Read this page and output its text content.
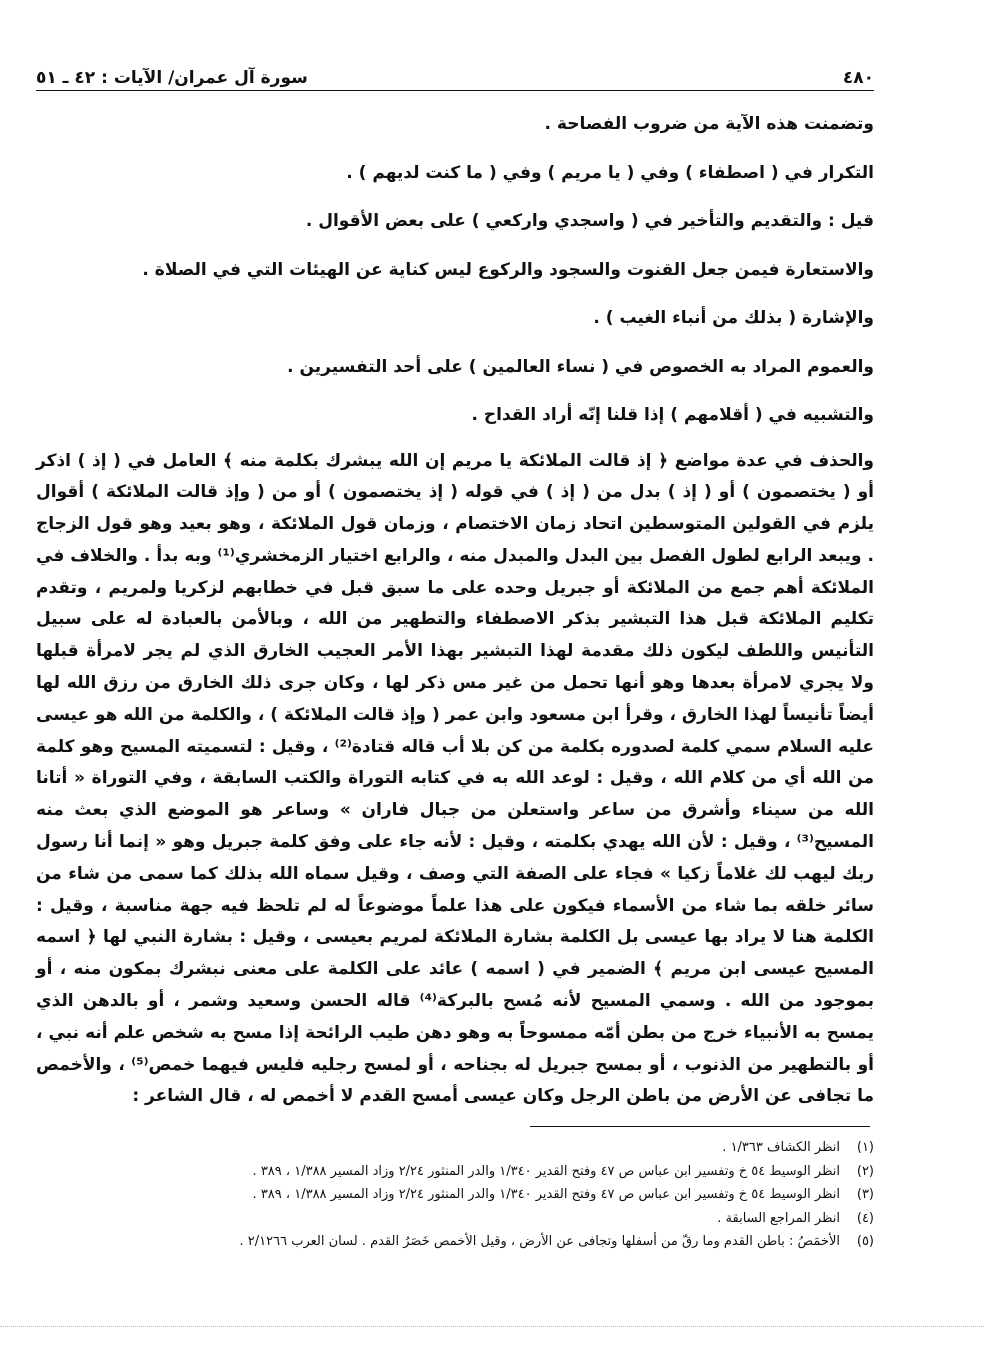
٤٨٠
سورة آل عمران/ الآيات : ٤٢ ـ ٥١
وتضمنت هذه الآية من ضروب الفصاحة .
التكرار في ( اصطفاء ) وفي ( يا مريم ) وفي ( ما كنت لديهم ) .
قيل : والتقديم والتأخير في ( واسجدي واركعي ) على بعض الأقوال .
والاستعارة فيمن جعل القنوت والسجود والركوع ليس كناية عن الهيئات التي في الصلاة .
والإشارة ( بذلك من أنباء الغيب ) .
والعموم المراد به الخصوص في ( نساء العالمين ) على أحد التفسيرين .
والتشبيه في ( أقلامهم ) إذا قلنا إنّه أراد القداح .
والحذف في عدة مواضع ﴿ إذ قالت الملائكة يا مريم إن الله يبشرك بكلمة منه ﴾ العامل في ( إذ ) اذكر أو ( يختصمون ) أو ( إذ ) بدل من ( إذ ) في قوله ( إذ يختصمون ) أو من ( وإذ قالت الملائكة ) أقوال يلزم في القولين المتوسطين اتحاد زمان الاختصام ، وزمان قول الملائكة ، وهو بعيد وهو قول الزجاج . ويبعد الرابع لطول الفصل بين البدل والمبدل منه ، والرابع اختيار الزمخشري⁽¹⁾ وبه بدأ . والخلاف في الملائكة أهم جمع من الملائكة أو جبريل وحده على ما سبق قبل في خطابهم لزكريا ولمريم ، وتقدم تكليم الملائكة قبل هذا التبشير بذكر الاصطفاء والتطهير من الله ، وبالأمن بالعبادة له على سبيل التأنيس واللطف ليكون ذلك مقدمة لهذا التبشير بهذا الأمر العجيب الخارق الذي لم يجر لامرأة قبلها ولا يجري لامرأة بعدها وهو أنها تحمل من غير مس ذكر لها ، وكان جرى ذلك الخارق من رزق الله لها أيضاً تأنيساً لهذا الخارق ، وقرأ ابن مسعود وابن عمر ( وإذ قالت الملائكة ) ، والكلمة من الله هو عيسى عليه السلام سمي كلمة لصدوره بكلمة من كن بلا أب قاله قتادة⁽²⁾ ، وقيل : لتسميته المسيح وهو كلمة من الله أي من كلام الله ، وقيل : لوعد الله به في كتابه التوراة والكتب السابقة ، وفي التوراة « أتانا الله من سيناء وأشرق من ساعر واستعلن من جبال فاران » وساعر هو الموضع الذي بعث منه المسيح⁽³⁾ ، وقيل : لأن الله يهدي بكلمته ، وقيل : لأنه جاء على وفق كلمة جبريل وهو « إنما أنا رسول ربك ليهب لك غلاماً زكيا » فجاء على الصفة التي وصف ، وقيل سماه الله بذلك كما سمى من شاء من سائر خلقه بما شاء من الأسماء فيكون على هذا علماً موضوعاً له لم تلحظ فيه جهة مناسبة ، وقيل : الكلمة هنا لا يراد بها عيسى بل الكلمة بشارة الملائكة لمريم بعيسى ، وقيل : بشارة النبي لها ﴿ اسمه المسيح عيسى ابن مريم ﴾ الضمير في ( اسمه ) عائد على الكلمة على معنى نبشرك بمكون منه ، أو بموجود من الله . وسمي المسيح لأنه مُسح بالبركة⁽⁴⁾ قاله الحسن وسعيد وشمر ، أو بالدهن الذي يمسح به الأنبياء خرج من بطن أمّه ممسوحاً به وهو دهن طيب الرائحة إذا مسح به شخص علم أنه نبي ، أو بالتطهير من الذنوب ، أو بمسح جبريل له بجناحه ، أو لمسح رجليه فليس فيهما خمص⁽⁵⁾ ، والأخمص ما تجافى عن الأرض من باطن الرجل وكان عيسى أمسح القدم لا أخمص له ، قال الشاعر :
(١)
انظر الكشاف ١/٣٦٣ .
(٢)
انظر الوسيط ٥٤ خ وتفسير ابن عباس ص ٤٧ وفتح القدير ١/٣٤٠ والدر المنثور ٢/٢٤ وزاد المسير ١/٣٨٨ ، ٣٨٩ .
(٣)
انظر الوسيط ٥٤ خ وتفسير ابن عباس ص ٤٧ وفتح القدير ١/٣٤٠ والدر المنثور ٢/٢٤ وزاد المسير ١/٣٨٨ ، ٣٨٩ .
(٤)
انظر المراجع السابقة .
(٥)
الأخمَصُ : باطن القدم وما رقّ من أسفلها وتجافى عن الأرض ، وقيل الأخمص خَصَرُ القدم . لسان العرب ٢/١٢٦٦ .
